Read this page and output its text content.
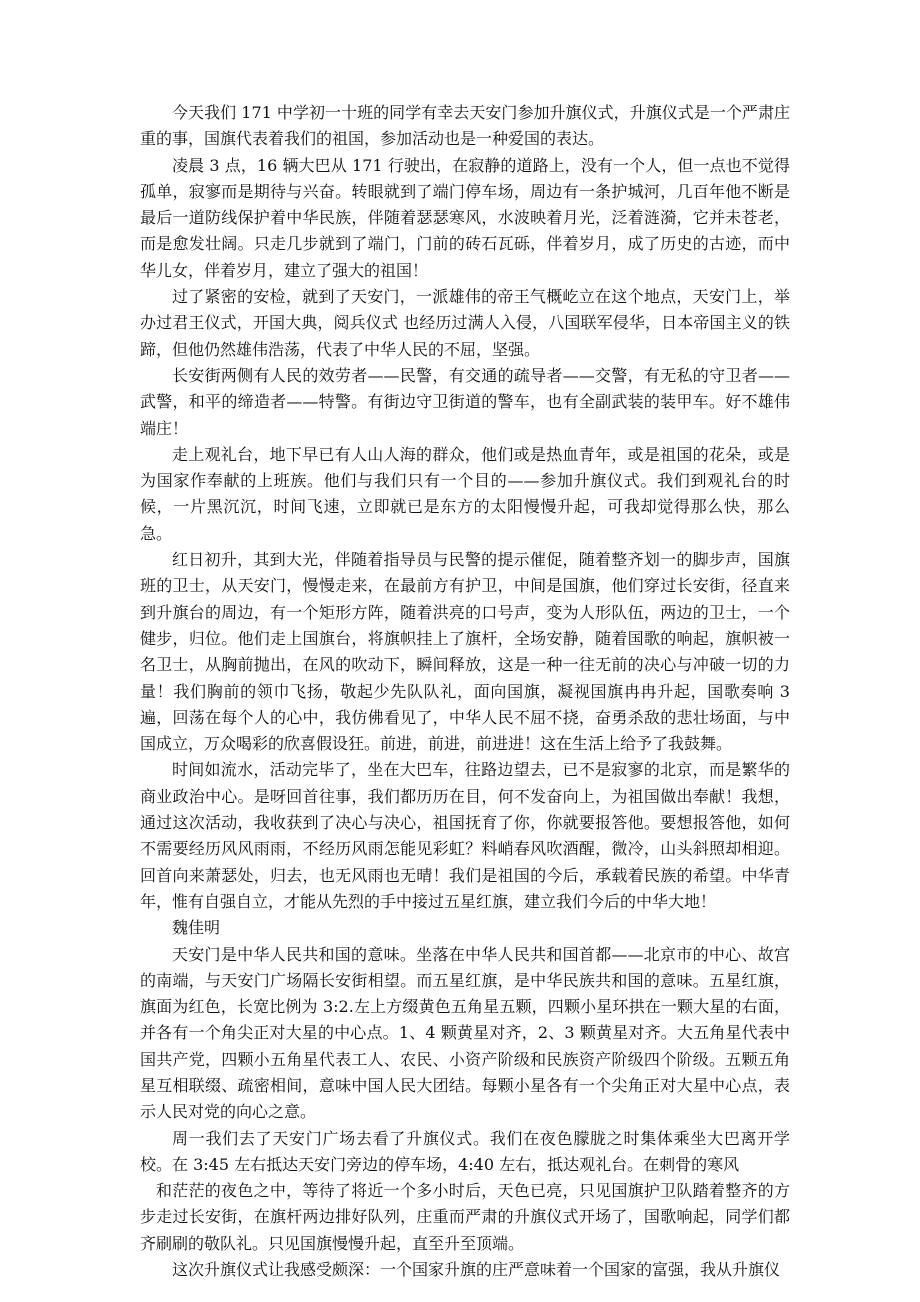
今天我们 171 中学初一十班的同学有幸去天安门参加升旗仪式，升旗仪式是一个严肃庄重的事，国旗代表着我们的祖国，参加活动也是一种爱国的表达。

凌晨 3 点，16 辆大巴从 171 行驶出，在寂静的道路上，没有一个人，但一点也不觉得孤单，寂寥而是期待与兴奋。转眼就到了端门停车场，周边有一条护城河，几百年他不断是最后一道防线保护着中华民族，伴随着瑟瑟寒风，水波映着月光，泛着涟漪，它并未苍老，而是愈发壮阔。只走几步就到了端门，门前的砖石瓦砾，伴着岁月，成了历史的古迹，而中华儿女，伴着岁月，建立了强大的祖国！

过了紧密的安检，就到了天安门，一派雄伟的帝王气概屹立在这个地点，天安门上，举办过君王仪式，开国大典，阅兵仪式 也经历过满人入侵，八国联军侵华，日本帝国主义的铁蹄，但他仍然雄伟浩荡，代表了中华人民的不屈，坚强。

长安街两侧有人民的效劳者——民警，有交通的疏导者——交警，有无私的守卫者——武警，和平的缔造者——特警。有街边守卫街道的警车，也有全副武装的装甲车。好不雄伟端庄！

走上观礼台，地下早已有人山人海的群众，他们或是热血青年，或是祖国的花朵，或是为国家作奉献的上班族。他们与我们只有一个目的——参加升旗仪式。我们到观礼台的时候，一片黑沉沉，时间飞速，立即就已是东方的太阳慢慢升起，可我却觉得那么快，那么急。

红日初升，其到大光，伴随着指导员与民警的提示催促，随着整齐划一的脚步声，国旗班的卫士，从天安门，慢慢走来，在最前方有护卫，中间是国旗，他们穿过长安街，径直来到升旗台的周边，有一个矩形方阵，随着洪亮的口号声，变为人形队伍，两边的卫士，一个健步，归位。他们走上国旗台，将旗帜挂上了旗杆，全场安静，随着国歌的响起，旗帜被一名卫士，从胸前抛出，在风的吹动下，瞬间释放，这是一种一往无前的决心与冲破一切的力量！我们胸前的领巾飞扬，敬起少先队队礼，面向国旗，凝视国旗冉冉升起，国歌奏响 3 遍，回荡在每个人的心中，我仿佛看见了，中华人民不屈不挠，奋勇杀敌的悲壮场面，与中国成立，万众喝彩的欣喜假设狂。前进，前进，前进进！这在生活上给予了我鼓舞。

时间如流水，活动完毕了，坐在大巴车，往路边望去，已不是寂寥的北京，而是繁华的商业政治中心。是呀回首往事，我们都历历在目，何不发奋向上，为祖国做出奉献！我想，通过这次活动，我收获到了决心与决心，祖国抚育了你，你就要报答他。要想报答他，如何不需要经历风风雨雨，不经历风雨怎能见彩虹？料峭春风吹酒醒，微冷，山头斜照却相迎。回首向来萧瑟处，归去，也无风雨也无晴！我们是祖国的今后，承载着民族的希望。中华青年，惟有自强自立，才能从先烈的手中接过五星红旗，建立我们今后的中华大地！

魏佳明

天安门是中华人民共和国的意味。坐落在中华人民共和国首都——北京市的中心、故宫的南端，与天安门广场隔长安街相望。而五星红旗，是中华民族共和国的意味。五星红旗，旗面为红色，长宽比例为 3:2.左上方缀黄色五角星五颗，四颗小星环拱在一颗大星的右面，并各有一个角尖正对大星的中心点。1、4 颗黄星对齐，2、3 颗黄星对齐。大五角星代表中国共产党，四颗小五角星代表工人、农民、小资产阶级和民族资产阶级四个阶级。五颗五角星互相联缀、疏密相间，意味中国人民大团结。每颗小星各有一个尖角正对大星中心点，表示人民对党的向心之意。

周一我们去了天安门广场去看了升旗仪式。我们在夜色朦胧之时集体乘坐大巴离开学校。在 3:45 左右抵达天安门旁边的停车场，4:40 左右，抵达观礼台。在刺骨的寒风

和茫茫的夜色之中，等待了将近一个多小时后，天色已亮，只见国旗护卫队踏着整齐的方步走过长安街，在旗杆两边排好队列，庄重而严肃的升旗仪式开场了，国歌响起，同学们都齐刷刷的敬队礼。只见国旗慢慢升起，直至升至顶端。

这次升旗仪式让我感受颇深：一个国家升旗的庄严意味着一个国家的富强，我从升旗仪
